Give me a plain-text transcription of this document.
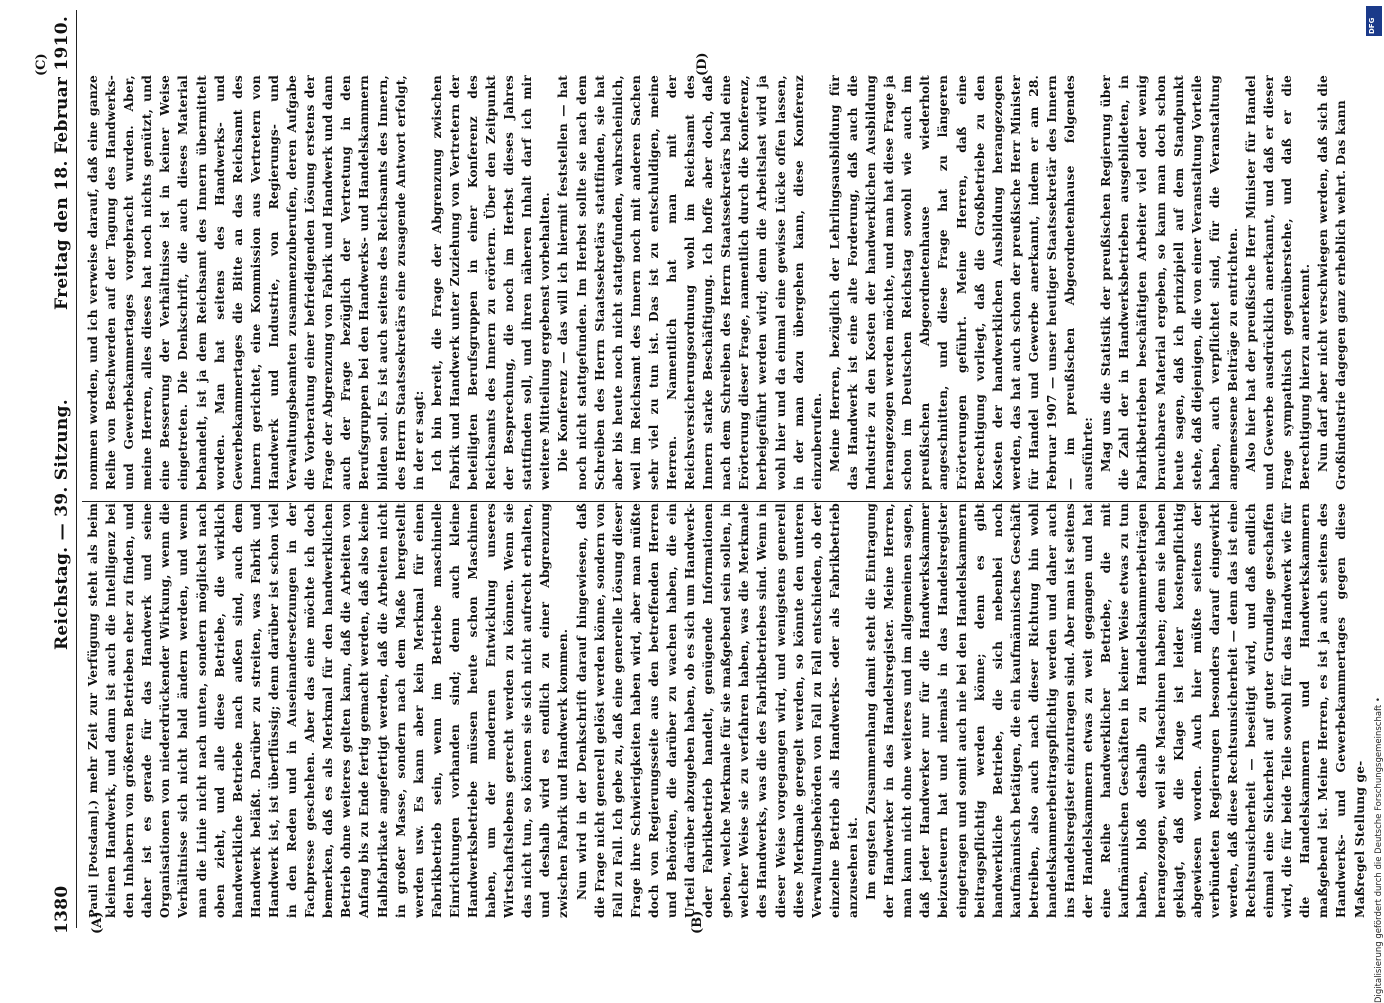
1380
Reichstag. — 39. Sitzung.
Freitag den 18. Februar 1910.
(A)	(B)
(C)	(D)

Pauli [Potsdam].) mehr Zeit zur Verfügung steht als beim kleinen Handwerk, und dann ist auch die Intelligenz bei den Inhabern von größeren Betrieben eher zu finden, und daher ist es gerade für das Handwerk und seine Organisationen von niederdrückender Wirkung, wenn die Verhältnisse sich nicht bald ändern werden, und wenn man die Linie nicht nach unten, sondern möglichst nach oben zieht, und alle diese Betriebe, die wirklich handwerkliche Betriebe nach außen sind, auch dem Handwerk beläßt. Darüber zu streiten, was Fabrik und Handwerk ist, ist überflüssig; denn darüber ist schon viel in den Reden und in Auseinandersetzungen in der Fachpresse geschehen. Aber das eine möchte ich doch bemerken, daß es als Merkmal für den handwerklichen Betrieb ohne weiteres gelten kann, daß die Arbeiten von Anfang bis zu Ende fertig gemacht werden, daß also keine Halbfabrikate angefertigt werden, daß die Arbeiten nicht in großer Masse, sondern nach dem Maße hergestellt werden usw. Es kann aber kein Merkmal für einen Fabrikbetrieb sein, wenn im Betriebe maschinelle Einrichtungen vorhanden sind; denn auch kleine Handwerksbetriebe müssen heute schon Maschinen haben, um der modernen Entwicklung unseres Wirtschaftslebens gerecht werden zu können. Wenn sie das nicht tun, so können sie sich nicht aufrecht erhalten, und deshalb wird es endlich zu einer Abgrenzung zwischen Fabrik und Handwerk kommen. Nun wird in der Denkschrift darauf hingewiesen, daß die Frage nicht generell gelöst werden könne, sondern von Fall zu Fall. Ich gebe zu, daß eine generelle Lösung dieser Frage ihre Schwierigkeiten haben wird, aber man müßte doch von Regierungsseite aus den betreffenden Herren und Behörden, die darüber zu wachen haben, die ein Urteil darüber abzugeben haben, ob es sich um Handwerk- oder Fabrikbetrieb handelt, genügende Informationen geben, welche Merkmale für sie maßgebend sein sollen, in welcher Weise sie zu verfahren haben, was die Merkmale des Handwerks, was die des Fabrikbetriebes sind. Wenn in dieser Weise vorgegangen wird, und wenigstens generell diese Merkmale geregelt werden, so könnte den unteren Verwaltungsbehörden von Fall zu Fall entschieden, ob der einzelne Betrieb als Handwerks- oder als Fabrikbetrieb anzusehen ist. Im engsten Zusammenhang damit steht die Eintragung der Handwerker in das Handelsregister. Meine Herren, man kann nicht ohne weiteres und im allgemeinen sagen, daß jeder Handwerker nur für die Handwerkskammer beizusteuern hat und niemals in das Handelsregister eingetragen und somit auch nie bei den Handelskammern beitragspflichtig werden könne; denn es gibt handwerkliche Betriebe, die sich nebenbei noch kaufmännisch betätigen, die ein kaufmännisches Geschäft betreiben, also auch nach dieser Richtung hin wohl handelskammerbeitragspflichtig werden und daher auch ins Handelsregister einzutragen sind. Aber man ist seitens der Handelskammern etwas zu weit gegangen und hat eine Reihe handwerklicher Betriebe, die mit kaufmännischen Geschäften in keiner Weise etwas zu tun haben, bloß deshalb zu Handelskammerbeiträgen herangezogen, weil sie Maschinen haben; denn sie haben geklagt, daß die Klage ist leider kostenpflichtig abgewiesen worden. Auch hier müßte seitens der verbündeten Regierungen besonders darauf eingewirkt werden, daß diese Rechtsunsicherheit — denn das ist eine Rechtsunsicherheit — beseitigt wird, und daß endlich einmal eine Sicherheit auf guter Grundlage geschaffen wird, die für beide Teile sowohl für das Handwerk wie für die Handelskammern und Handwerkskammern maßgebend ist. Meine Herren, es ist ja auch seitens des Handwerks- und Gewerbekammertages gegen diese Maßregel Stellung ge-

nommen worden, und ich verweise darauf, daß eine ganze Reihe von Beschwerden auf der Tagung des Handwerks- und Gewerbekammertages vorgebracht wurden. Aber, meine Herren, alles dieses hat noch nichts genützt, und eine Besserung der Verhältnisse ist in keiner Weise eingetreten. Die Denkschrift, die auch dieses Material behandelt, ist ja dem Reichsamt des Innern übermittelt worden. Man hat seitens des Handwerks- und Gewerbekammertages die Bitte an das Reichsamt des Innern gerichtet, eine Kommission aus Vertretern von Handwerk und Industrie, von Regierungs- und Verwaltungsbeamten zusammenzuberufen, deren Aufgabe die Vorberatung einer befriedigenden Lösung erstens der Frage der Abgrenzung von Fabrik und Handwerk und dann auch der Frage bezüglich der Vertretung in den Berufsgruppen bei den Handwerks- und Handelskammern bilden soll. Es ist auch seitens des Reichsamts des Innern, des Herrn Staatssekretärs eine zusagende Antwort erfolgt, in der er sagt: Ich bin bereit, die Frage der Abgrenzung zwischen Fabrik und Handwerk unter Zuziehung von Vertretern der beteiligten Berufsgruppen in einer Konferenz des Reichsamts des Innern zu erörtern. Über den Zeitpunkt der Besprechung, die noch im Herbst dieses Jahres stattfinden soll, und ihren näheren Inhalt darf ich mir weitere Mitteilung ergebenst vorbehalten. Die Konferenz — das will ich hiermit feststellen — hat noch nicht stattgefunden. Im Herbst sollte sie nach dem Schreiben des Herrn Staatssekretärs stattfinden, sie hat aber bis heute noch nicht stattgefunden, wahrscheinlich, weil im Reichsamt des Innern noch mit anderen Sachen sehr viel zu tun ist. Das ist zu entschuldigen, meine Herren. Namentlich hat man mit der Reichsversicherungsordnung wohl im Reichsamt des Innern starke Beschäftigung. Ich hoffe aber doch, daß nach dem Schreiben des Herrn Staatssekretärs bald eine Erörterung dieser Frage, namentlich durch die Konferenz, herbeigeführt werden wird; denn die Arbeitslast wird ja wohl hier und da einmal eine gewisse Lücke offen lassen, in der man dazu übergehen kann, diese Konferenz einzuberufen. Meine Herren, bezüglich der Lehrlingsausbildung für das Handwerk ist eine alte Forderung, daß auch die Industrie zu den Kosten der handwerklichen Ausbildung herangezogen werden möchte, und man hat diese Frage ja schon im Deutschen Reichstag sowohl wie auch im preußischen Abgeordnetenhause wiederholt angeschnitten, und diese Frage hat zu längeren Erörterungen geführt. Meine Herren, daß eine Berechtigung vorliegt, daß die Großbetriebe zu den Kosten der handwerklichen Ausbildung herangezogen werden, das hat auch schon der preußische Herr Minister für Handel und Gewerbe anerkannt, indem er am 28. Februar 1907 — unser heutiger Staatssekretär des Innern — im preußischen Abgeordnetenhause folgendes ausführte: Mag uns die Statistik der preußischen Regierung über die Zahl der in Handwerksbetrieben ausgebildeten, in Fabrikbetrieben beschäftigten Arbeiter viel oder wenig brauchbares Material ergeben, so kann man doch schon heute sagen, daß ich prinzipiell auf dem Standpunkt stehe, daß diejenigen, die von einer Veranstaltung Vorteile haben, auch verpflichtet sind, für die Veranstaltung angemessene Beiträge zu entrichten. Also hier hat der preußische Herr Minister für Handel und Gewerbe ausdrücklich anerkannt, und daß er dieser Frage sympathisch gegenüberstehe, und daß er die Berechtigung hierzu anerkennt. Nun darf aber nicht verschwiegen werden, daß sich die Großindustrie dagegen ganz erheblich wehrt. Das kann

DFG
Digitalisierung gefördert durch die Deutsche Forschungsgemeinschaft •
